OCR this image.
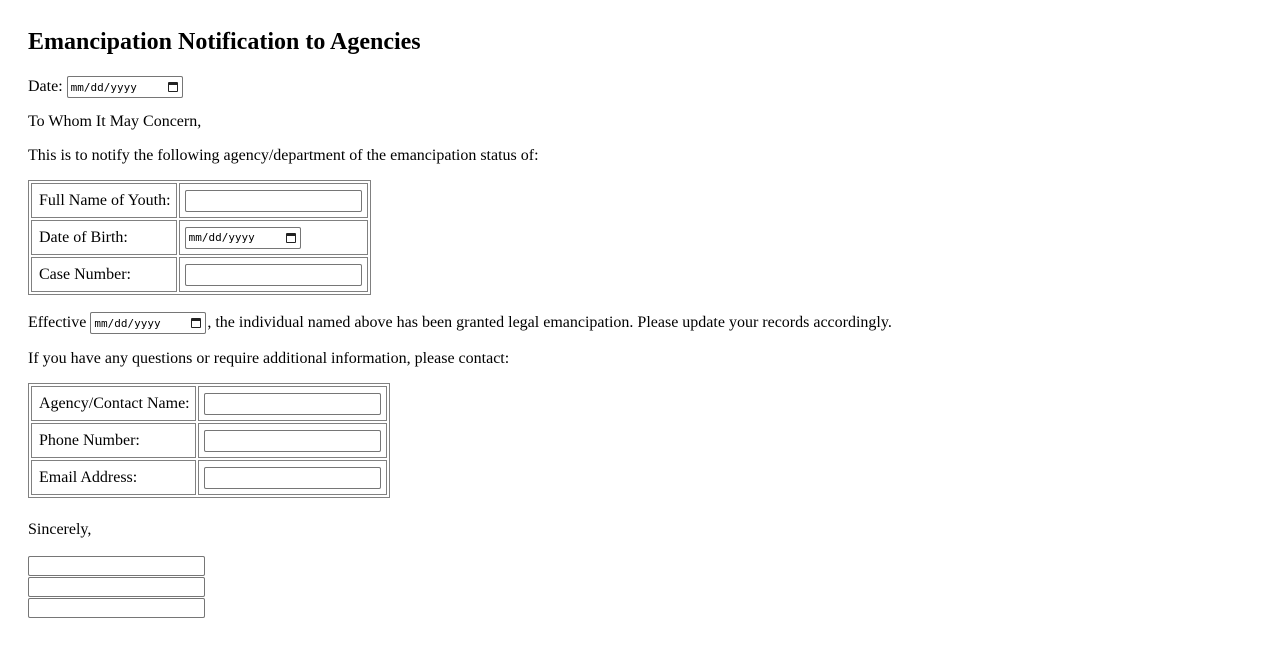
Emancipation Notification to Agencies
Date: mm/dd/yyyy

To Whom It May Concern,

This is to notify the following agency/department of the emancipation status of:

Full Name of Youth:	

Date of Birth:	mm/dd/yyyy

Case Number:	
Effective mm/dd/yyyy	, the individual named above has been granted legal emancipation. Please update your records accordingly.

If you have any questions or require additional information, please contact:

Agency/Contact Name:	

Phone Number:	

Email Address:	

Sincerely,
